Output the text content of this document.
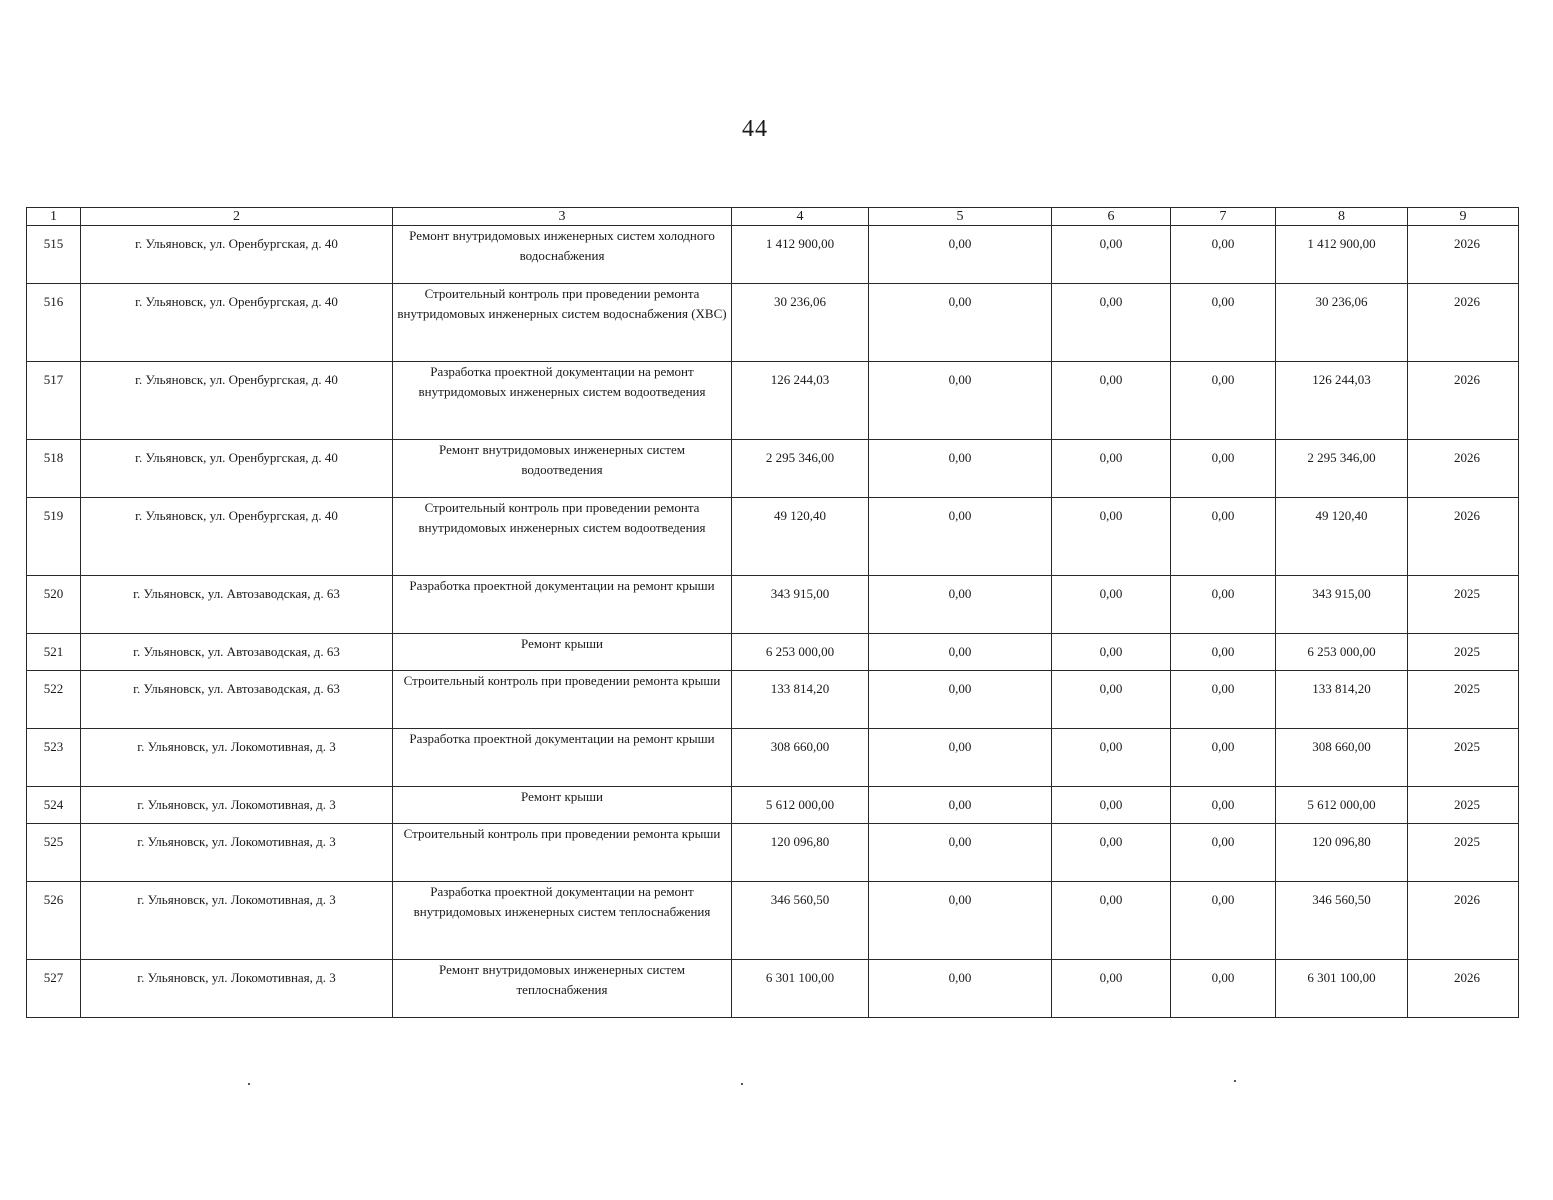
44
1	2	3	4	5	6	7	8	9
515	г. Ульяновск, ул. Оренбургская, д. 40	Ремонт внутридомовых инженерных систем холодного водоснабжения	1 412 900,00	0,00	0,00	0,00	1 412 900,00	2026
516	г. Ульяновск, ул. Оренбургская, д. 40	Строительный контроль при проведении ремонта внутридомовых инженерных систем водоснабжения (ХВС)	30 236,06	0,00	0,00	0,00	30 236,06	2026
517	г. Ульяновск, ул. Оренбургская, д. 40	Разработка проектной документации на ремонт внутридомовых инженерных систем водоотведения	126 244,03	0,00	0,00	0,00	126 244,03	2026
518	г. Ульяновск, ул. Оренбургская, д. 40	Ремонт внутридомовых инженерных систем водоотведения	2 295 346,00	0,00	0,00	0,00	2 295 346,00	2026
519	г. Ульяновск, ул. Оренбургская, д. 40	Строительный контроль при проведении ремонта внутридомовых инженерных систем водоотведения	49 120,40	0,00	0,00	0,00	49 120,40	2026
520	г. Ульяновск, ул. Автозаводская, д. 63	Разработка проектной документации на ремонт крыши	343 915,00	0,00	0,00	0,00	343 915,00	2025
521	г. Ульяновск, ул. Автозаводская, д. 63	Ремонт крыши	6 253 000,00	0,00	0,00	0,00	6 253 000,00	2025
522	г. Ульяновск, ул. Автозаводская, д. 63	Строительный контроль при проведении ремонта крыши	133 814,20	0,00	0,00	0,00	133 814,20	2025
523	г. Ульяновск, ул. Локомотивная, д. 3	Разработка проектной документации на ремонт крыши	308 660,00	0,00	0,00	0,00	308 660,00	2025
524	г. Ульяновск, ул. Локомотивная, д. 3	Ремонт крыши	5 612 000,00	0,00	0,00	0,00	5 612 000,00	2025
525	г. Ульяновск, ул. Локомотивная, д. 3	Строительный контроль при проведении ремонта крыши	120 096,80	0,00	0,00	0,00	120 096,80	2025
526	г. Ульяновск, ул. Локомотивная, д. 3	Разработка проектной документации на ремонт внутридомовых инженерных систем теплоснабжения	346 560,50	0,00	0,00	0,00	346 560,50	2026
527	г. Ульяновск, ул. Локомотивная, д. 3	Ремонт внутридомовых инженерных систем теплоснабжения	6 301 100,00	0,00	0,00	0,00	6 301 100,00	2026
